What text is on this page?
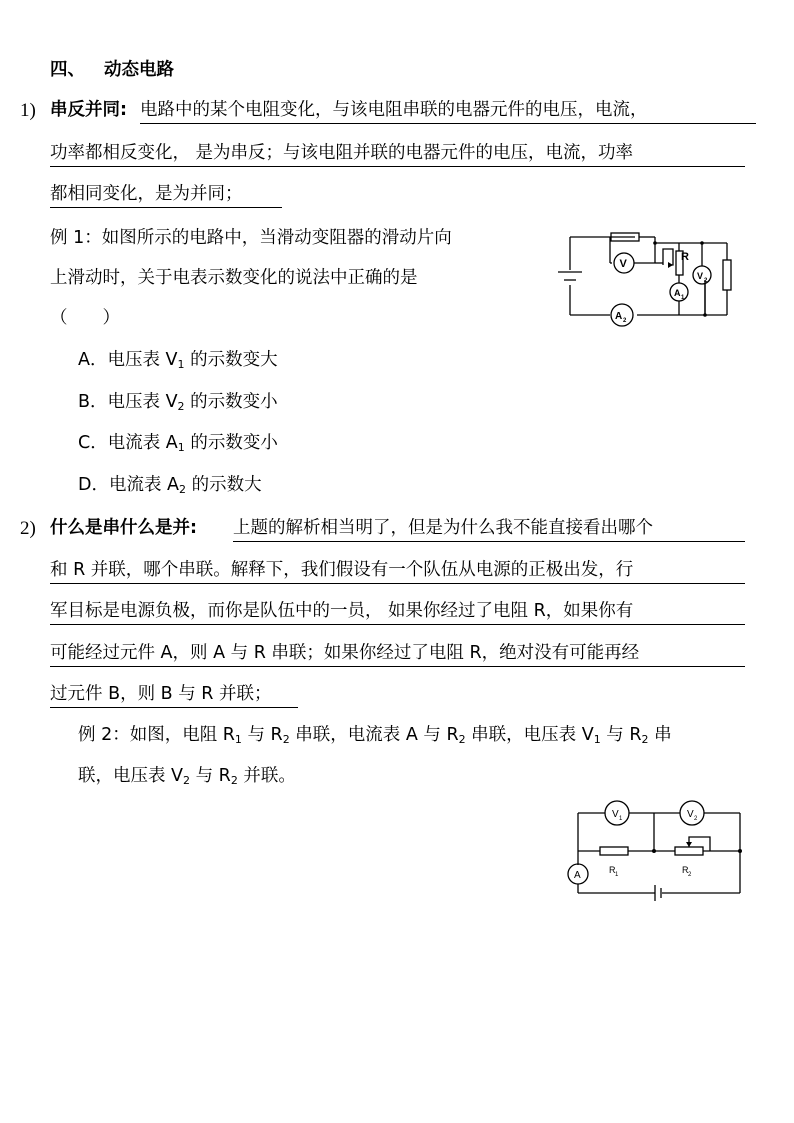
四、 动态电路
1) 串反并同: 电路中的某个电阻变化，与该电阻串联的电器元件的电压，电流，
功率都相反变化， 是为串反；与该电阻并联的电器元件的电压，电流，功率
都相同变化，是为并同；
例 1：如图所示的电路中，当滑动变阻器的滑动片向
上滑动时，关于电表示数变化的说法中正确的是
（　　）
A．电压表 $V_1$ 的示数变大
B．电压表 $V_2$ 的示数变小
C．电流表 $A_1$ 的示数变小
D．电流表 $A_2$ 的示数大
V
R
V 2
A 1
A 2
2) 什么是串什么是并: 上题的解析相当明了，但是为什么我不能直接看出哪个
和 R 并联，哪个串联。解释下，我们假设有一个队伍从电源的正极出发，行
军目标是电源负极，而你是队伍中的一员， 如果你经过了电阻 R，如果你有
可能经过元件 A，则 A 与 R 串联；如果你经过了电阻 R，绝对没有可能再经
过元件 B，则 B 与 R 并联；
例 2：如图，电阻 $R_1$ 与 $R_2$ 串联，电流表 A 与 $R_2$ 串联，电压表 $V_1$ 与 $R_2$ 串
联，电压表 $V_2$ 与 $R_2$ 并联。
V 1	V 2
A	R 1	R 2
